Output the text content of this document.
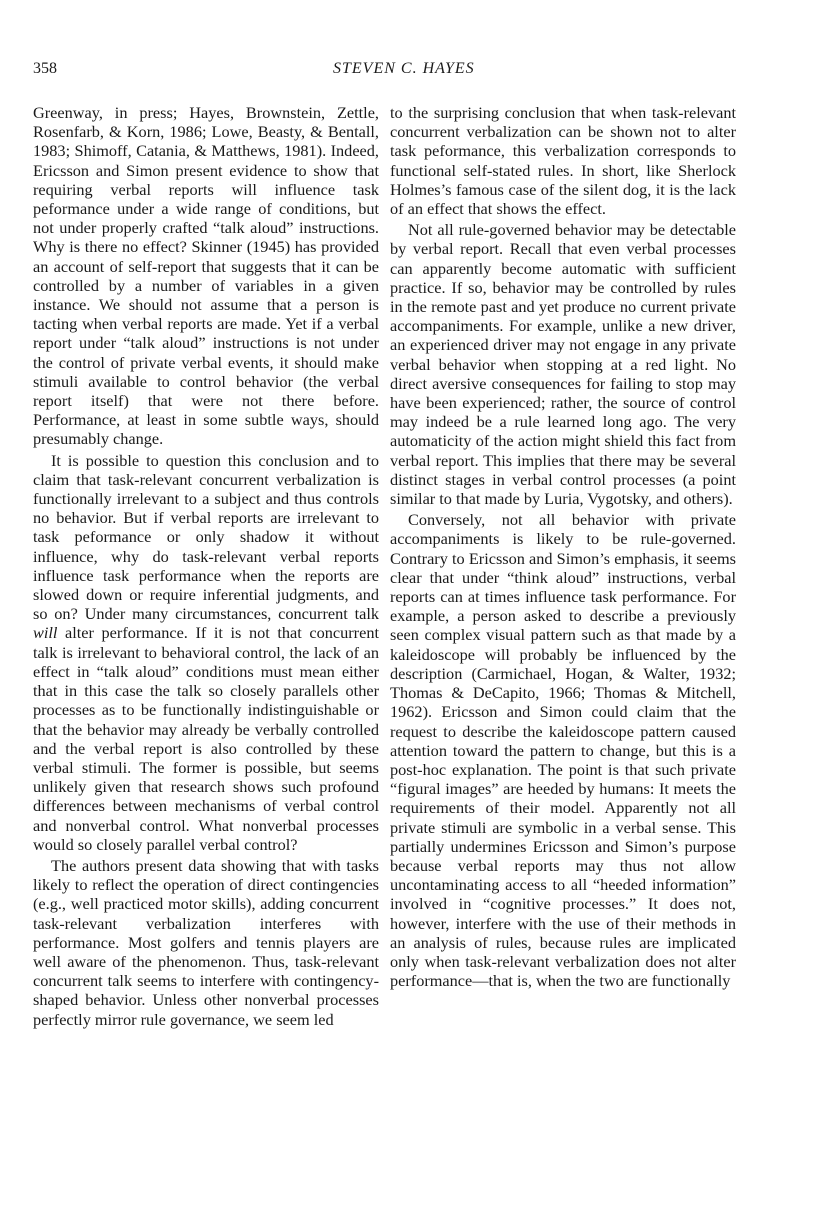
358	STEVEN C. HAYES

Greenway, in press; Hayes, Brownstein, Zettle, Rosenfarb, & Korn, 1986; Lowe, Beasty, & Bentall, 1983; Shimoff, Catania, & Matthews, 1981). Indeed, Ericsson and Simon present evidence to show that requiring verbal reports will influence task peformance under a wide range of conditions, but not under properly crafted “talk aloud” instructions. Why is there no effect? Skinner (1945) has provided an account of self-report that suggests that it can be controlled by a number of variables in a given instance. We should not assume that a person is tacting when verbal reports are made. Yet if a verbal report under “talk aloud” instructions is not under the control of private verbal events, it should make stimuli available to control behavior (the verbal report itself) that were not there before. Performance, at least in some subtle ways, should presumably change.

It is possible to question this conclusion and to claim that task-relevant concurrent verbalization is functionally irrelevant to a subject and thus controls no behavior. But if verbal reports are irrelevant to task peformance or only shadow it without influence, why do task-relevant verbal reports influence task performance when the reports are slowed down or require inferential judgments, and so on? Under many circumstances, concurrent talk will alter performance. If it is not that concurrent talk is irrelevant to behavioral control, the lack of an effect in “talk aloud” conditions must mean either that in this case the talk so closely parallels other processes as to be functionally indistinguishable or that the behavior may already be verbally controlled and the verbal report is also controlled by these verbal stimuli. The former is possible, but seems unlikely given that research shows such profound differences between mechanisms of verbal control and nonverbal control. What nonverbal processes would so closely parallel verbal control?

The authors present data showing that with tasks likely to reflect the operation of direct contingencies (e.g., well practiced motor skills), adding concurrent task-relevant verbalization interferes with performance. Most golfers and tennis players are well aware of the phenomenon. Thus, task-relevant concurrent talk seems to interfere with contingency-shaped behavior. Unless other nonverbal processes perfectly mirror rule governance, we seem led

to the surprising conclusion that when task-relevant concurrent verbalization can be shown not to alter task peformance, this verbalization corresponds to functional self-stated rules. In short, like Sherlock Holmes’s famous case of the silent dog, it is the lack of an effect that shows the effect.

Not all rule-governed behavior may be detectable by verbal report. Recall that even verbal processes can apparently become automatic with sufficient practice. If so, behavior may be controlled by rules in the remote past and yet produce no current private accompaniments. For example, unlike a new driver, an experienced driver may not engage in any private verbal behavior when stopping at a red light. No direct aversive consequences for failing to stop may have been experienced; rather, the source of control may indeed be a rule learned long ago. The very automaticity of the action might shield this fact from verbal report. This implies that there may be several distinct stages in verbal control processes (a point similar to that made by Luria, Vygotsky, and others).

Conversely, not all behavior with private accompaniments is likely to be rule-governed. Contrary to Ericsson and Simon’s emphasis, it seems clear that under “think aloud” instructions, verbal reports can at times influence task performance. For example, a person asked to describe a previously seen complex visual pattern such as that made by a kaleidoscope will probably be influenced by the description (Carmichael, Hogan, & Walter, 1932; Thomas & DeCapito, 1966; Thomas & Mitchell, 1962). Ericsson and Simon could claim that the request to describe the kaleidoscope pattern caused attention toward the pattern to change, but this is a post-hoc explanation. The point is that such private “figural images” are heeded by humans: It meets the requirements of their model. Apparently not all private stimuli are symbolic in a verbal sense. This partially undermines Ericsson and Simon’s purpose because verbal reports may thus not allow uncontaminating access to all “heeded information” involved in “cognitive processes.” It does not, however, interfere with the use of their methods in an analysis of rules, because rules are implicated only when task-relevant verbalization does not alter performance—that is, when the two are functionally
